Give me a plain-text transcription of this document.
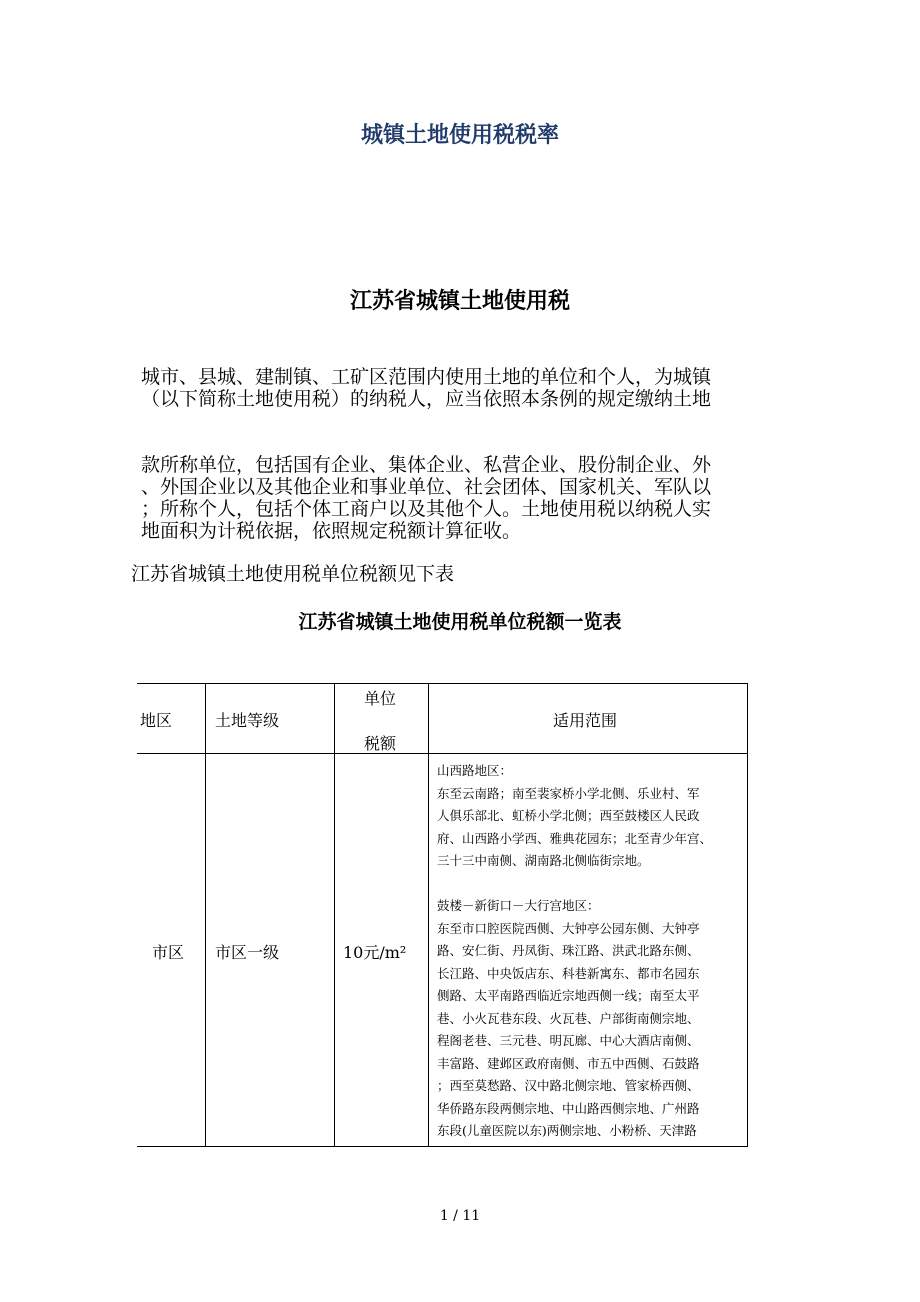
城镇土地使用税税率
江苏省城镇土地使用税
城市、县城、建制镇、工矿区范围内使用土地的单位和个人，为城镇
（以下简称土地使用税）的纳税人，应当依照本条例的规定缴纳土地
款所称单位，包括国有企业、集体企业、私营企业、股份制企业、外
、外国企业以及其他企业和事业单位、社会团体、国家机关、军队以
；所称个人，包括个体工商户以及其他个人。土地使用税以纳税人实
地面积为计税依据，依照规定税额计算征收。
江苏省城镇土地使用税单位税额见下表
江苏省城镇土地使用税单位税额一览表
地区	土地等级
单位
税额
适用范围
市区 市区一级	10元/m²
山西路地区：
东至云南路；南至裴家桥小学北侧、乐业村、军
人俱乐部北、虹桥小学北侧；西至鼓楼区人民政
府、山西路小学西、雅典花园东；北至青少年宫、
三十三中南侧、湖南路北侧临街宗地。
鼓楼－新街口－大行宫地区：
东至市口腔医院西侧、大钟亭公园东侧、大钟亭
路、安仁街、丹凤街、珠江路、洪武北路东侧、
长江路、中央饭店东、科巷新寓东、都市名园东
侧路、太平南路西临近宗地西侧一线；南至太平
巷、小火瓦巷东段、火瓦巷、户部街南侧宗地、
程阁老巷、三元巷、明瓦廊、中心大酒店南侧、
丰富路、建邺区政府南侧、市五中西侧、石鼓路
；西至莫愁路、汉中路北侧宗地、管家桥西侧、
华侨路东段两侧宗地、中山路西侧宗地、广州路
东段(儿童医院以东)两侧宗地、小粉桥、天津路
1 / 11
